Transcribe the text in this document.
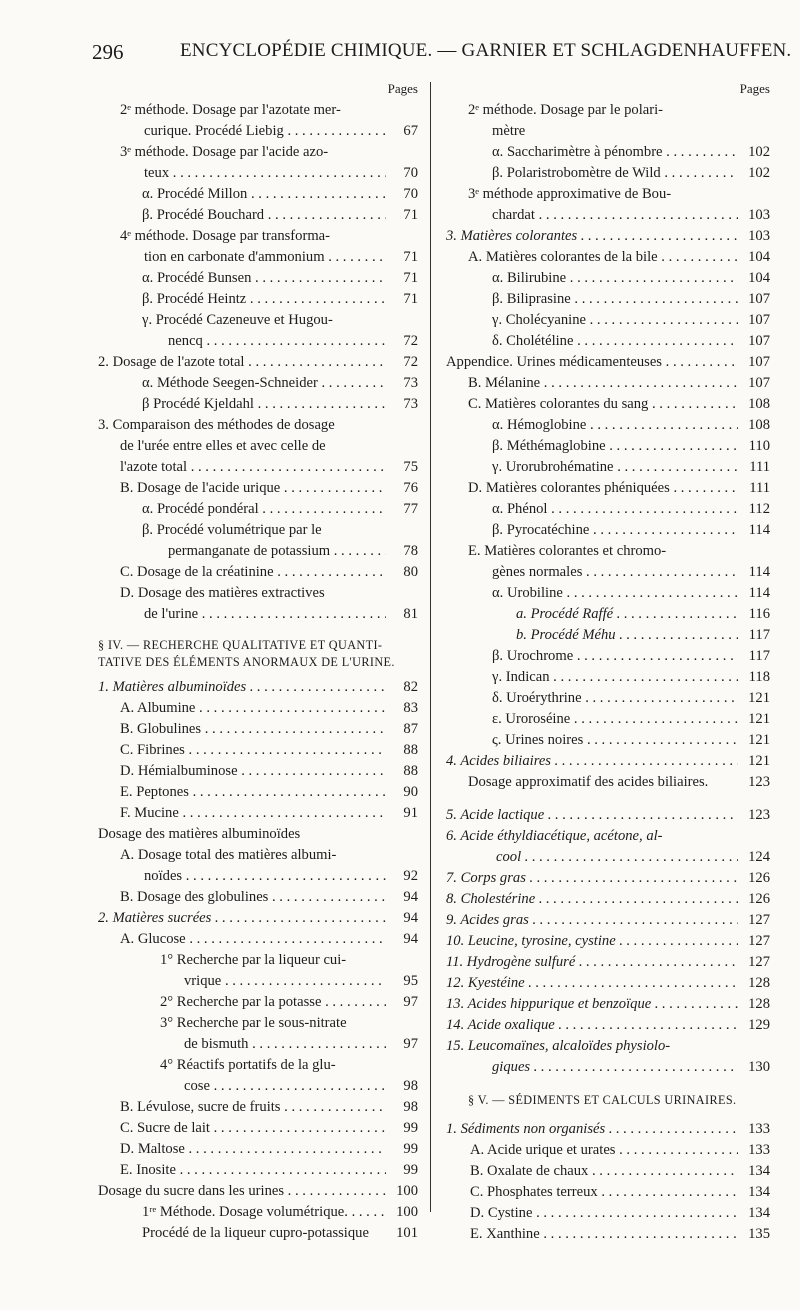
296	ENCYCLOPÉDIE CHIMIQUE. — GARNIER ET SCHLAGDENHAUFFEN.
Pages
2ᵉ méthode. Dosage par l'azotate mer-
curique. Procédé Liebig . . .	67
3ᵉ méthode. Dosage par l'acide azo-
teux . . .	70
α. Procédé Millon . . .	70
β. Procédé Bouchard . . .	71
4ᵉ méthode. Dosage par transforma-
tion en carbonate d'ammonium . . .	71
α. Procédé Bunsen . . .	71
β. Procédé Heintz . . .	71
γ. Procédé Cazeneuve et Hugou-
nencq . . .	72
2. Dosage de l'azote total . . .	72
α. Méthode Seegen-Schneider . . .	73
β Procédé Kjeldahl . . .	73
3. Comparaison des méthodes de dosage
de l'urée entre elles et avec celle de
l'azote total . . .	75
B. Dosage de l'acide urique . . .	76
α. Procédé pondéral . . .	77
β. Procédé volumétrique par le
permanganate de potassium . . .	78
C. Dosage de la créatinine . . .	80
D. Dosage des matières extractives
de l'urine . . .	81
§ IV. — RECHERCHE QUALITATIVE ET QUANTI-
TATIVE DES ÉLÉMENTS ANORMAUX DE L'URINE.
1. Matières albuminoïdes . . .	82
A. Albumine . . .	83
B. Globulines . . .	87
C. Fibrines . . .	88
D. Hémialbuminose . . .	88
E. Peptones . . .	90
F. Mucine . . .	91
Dosage des matières albuminoïdes
A. Dosage total des matières albumi-
noïdes . . .	92
B. Dosage des globulines . . .	94
2. Matières sucrées . . .	94
A. Glucose . . .	94
1° Recherche par la liqueur cui-
vrique . . .	95
2° Recherche par la potasse . . .	97
3° Recherche par le sous-nitrate
de bismuth . . .	97
4° Réactifs portatifs de la glu-
cose . . .	98
B. Lévulose, sucre de fruits . . .	98
C. Sucre de lait . . .	99
D. Maltose . . .	99
E. Inosite . . .	99
Dosage du sucre dans les urines . . .	100
1ʳᵉ Méthode. Dosage volumétrique. . . .	100
Procédé de la liqueur cupro-potassique 101
Pages
2ᵉ méthode. Dosage par le polari-
mètre
α. Saccharimètre à pénombre . . .	102
β. Polaristrobomètre de Wild . . .	102
3ᵉ méthode approximative de Bou-
chardat . . .	103
3. Matières colorantes . . .	103
A. Matières colorantes de la bile . . .	104
α. Bilirubine . . .	104
β. Biliprasine . . .	107
γ. Cholécyanine . . .	107
δ. Cholétéline . . .	107
Appendice. Urines médicamenteuses . . .	107
B. Mélanine . . .	107
C. Matières colorantes du sang . . .	108
α. Hémoglobine . . .	108
β. Méthémaglobine . . .	110
γ. Urorubrohématine . . .	111
D. Matières colorantes phéniquées . . .	111
α. Phénol . . .	112
β. Pyrocatéchine . . .	114
E. Matières colorantes et chromo-
gènes normales . . .	114
α. Urobiline . . .	114
a. Procédé Raffé . . .	116
b. Procédé Méhu . . .	117
β. Urochrome . . .	117
γ. Indican . . .	118
δ. Uroérythrine . . .	121
ε. Uroroséine . . .	121
ς. Urines noires . . .	121
4. Acides biliaires . . .	121
Dosage approximatif des acides biliaires.	123
5. Acide lactique . . .	123
6. Acide éthyldiacétique, acétone, al-
cool . . .	124
7. Corps gras . . .	126
8. Cholestérine . . .	126
9. Acides gras . . .	127
10. Leucine, tyrosine, cystine . . .	127
11. Hydrogène sulfuré . . .	127
12. Kyestéine . . .	128
13. Acides hippurique et benzoïque . . .	128
14. Acide oxalique . . .	129
15. Leucomaïnes, alcaloïdes physiolo-
giques . . .	130
§ V. — SÉDIMENTS ET CALCULS URINAIRES.
1. Sédiments non organisés . . .	133
A. Acide urique et urates . . .	133
B. Oxalate de chaux . . .	134
C. Phosphates terreux . . .	134
D. Cystine . . .	134
E. Xanthine . . .	135
